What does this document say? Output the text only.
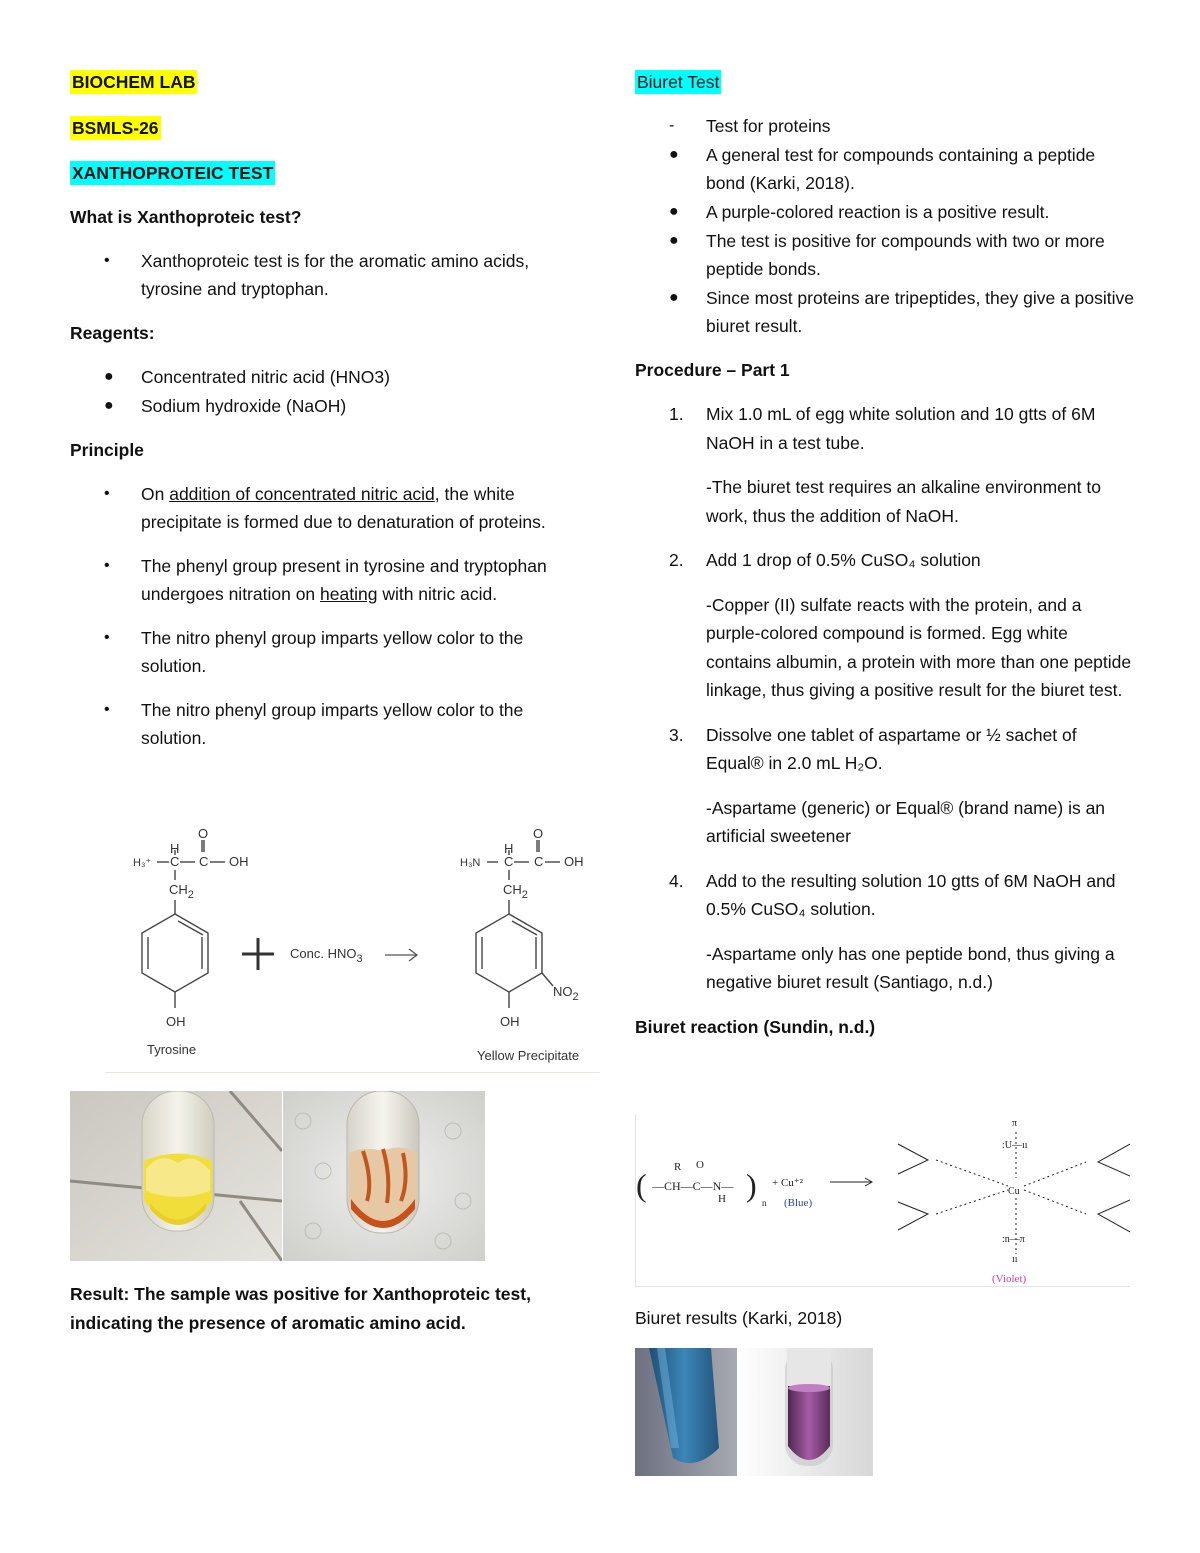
BIOCHEM LAB
BSMLS-26
XANTHOPROTEIC TEST
What is Xanthoproteic test?
• Xanthoproteic test is for the aromatic amino acids, tyrosine and tryptophan.
Reagents:
● Concentrated nitric acid (HNO3)
● Sodium hydroxide (NaOH)
Principle
• On addition of concentrated nitric acid, the white precipitate is formed due to denaturation of proteins.
• The phenyl group present in tyrosine and tryptophan undergoes nitration on heating with nitric acid.
• The nitro phenyl group imparts yellow color to the solution.
• The nitro phenyl group imparts yellow color to the solution.
H₃⁺
H
C C
O
OH
$CH_2$
OH
Tyrosine
Conc. $HNO_3$
H₃N
H
C C
O
OH
$CH_2$
$NO_2$
OH
Yellow Precipitate
Result: The sample was positive for Xanthoproteic test, indicating the presence of aromatic amino acid.
Biuret Test
- Test for proteins
● A general test for compounds containing a peptide bond (Karki, 2018).
● A purple-colored reaction is a positive result.
● The test is positive for compounds with two or more peptide bonds.
● Since most proteins are tripeptides, they give a positive biuret result.
Procedure – Part 1
1. Mix 1.0 mL of egg white solution and 10 gtts of 6M NaOH in a test tube.
-The biuret test requires an alkaline environment to work, thus the addition of NaOH.
2. Add 1 drop of 0.5% CuSO₄ solution
-Copper (II) sulfate reacts with the protein, and a purple-colored compound is formed. Egg white contains albumin, a protein with more than one peptide linkage, thus giving a positive result for the biuret test.
3. Dissolve one tablet of aspartame or ½ sachet of Equal® in 2.0 mL H₂O.
-Aspartame (generic) or Equal® (brand name) is an artificial sweetener
4. Add to the resulting solution 10 gtts of 6M NaOH and 0.5% CuSO₄ solution.
-Aspartame only has one peptide bond, thus giving a negative biuret result (Santiago, n.d.)
Biuret reaction (Sundin, n.d.)
(	)
R O
—CH—C—N—
H	n
+ Cu⁺²
(Blue)
(Violet)
Cu
π
:U—ıı
:n—π
ıı
Biuret results (Karki, 2018)
